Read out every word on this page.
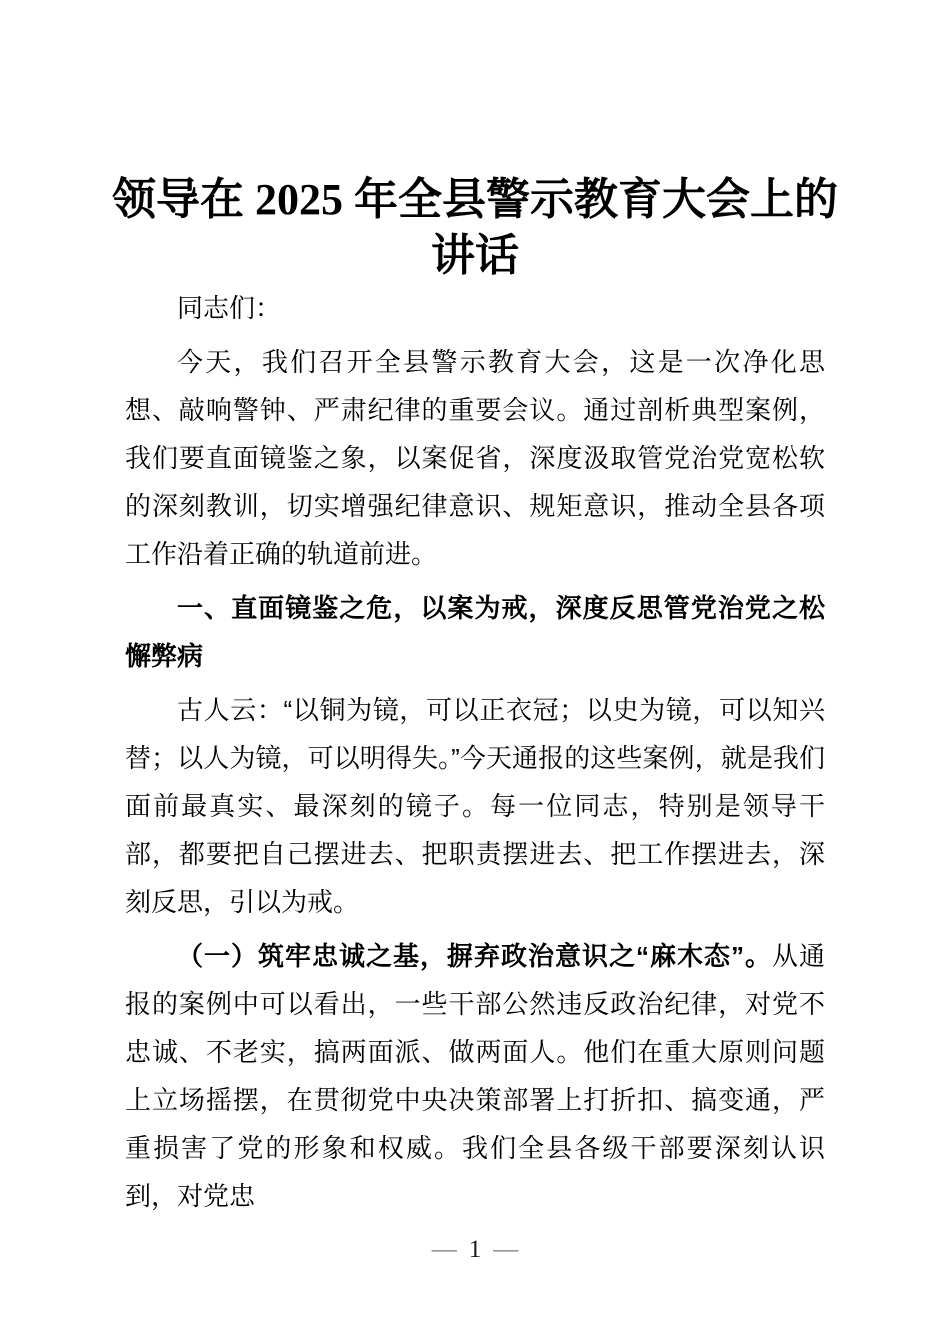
领导在 2025 年全县警示教育大会上的
讲话

同志们：

今天，我们召开全县警示教育大会，这是一次净化思想、敲响警钟、严肃纪律的重要会议。通过剖析典型案例，我们要直面镜鉴之象，以案促省，深度汲取管党治党宽松软的深刻教训，切实增强纪律意识、规矩意识，推动全县各项工作沿着正确的轨道前进。

一、直面镜鉴之危，以案为戒，深度反思管党治党之松懈弊病

古人云：“以铜为镜，可以正衣冠；以史为镜，可以知兴替；以人为镜，可以明得失。”今天通报的这些案例，就是我们面前最真实、最深刻的镜子。每一位同志，特别是领导干部，都要把自己摆进去、把职责摆进去、把工作摆进去，深刻反思，引以为戒。

（一）筑牢忠诚之基，摒弃政治意识之“麻木态”。从通报的案例中可以看出，一些干部公然违反政治纪律，对党不忠诚、不老实，搞两面派、做两面人。他们在重大原则问题上立场摇摆，在贯彻党中央决策部署上打折扣、搞变通，严重损害了党的形象和权威。我们全县各级干部要深刻认识到，对党忠

— 1 —
